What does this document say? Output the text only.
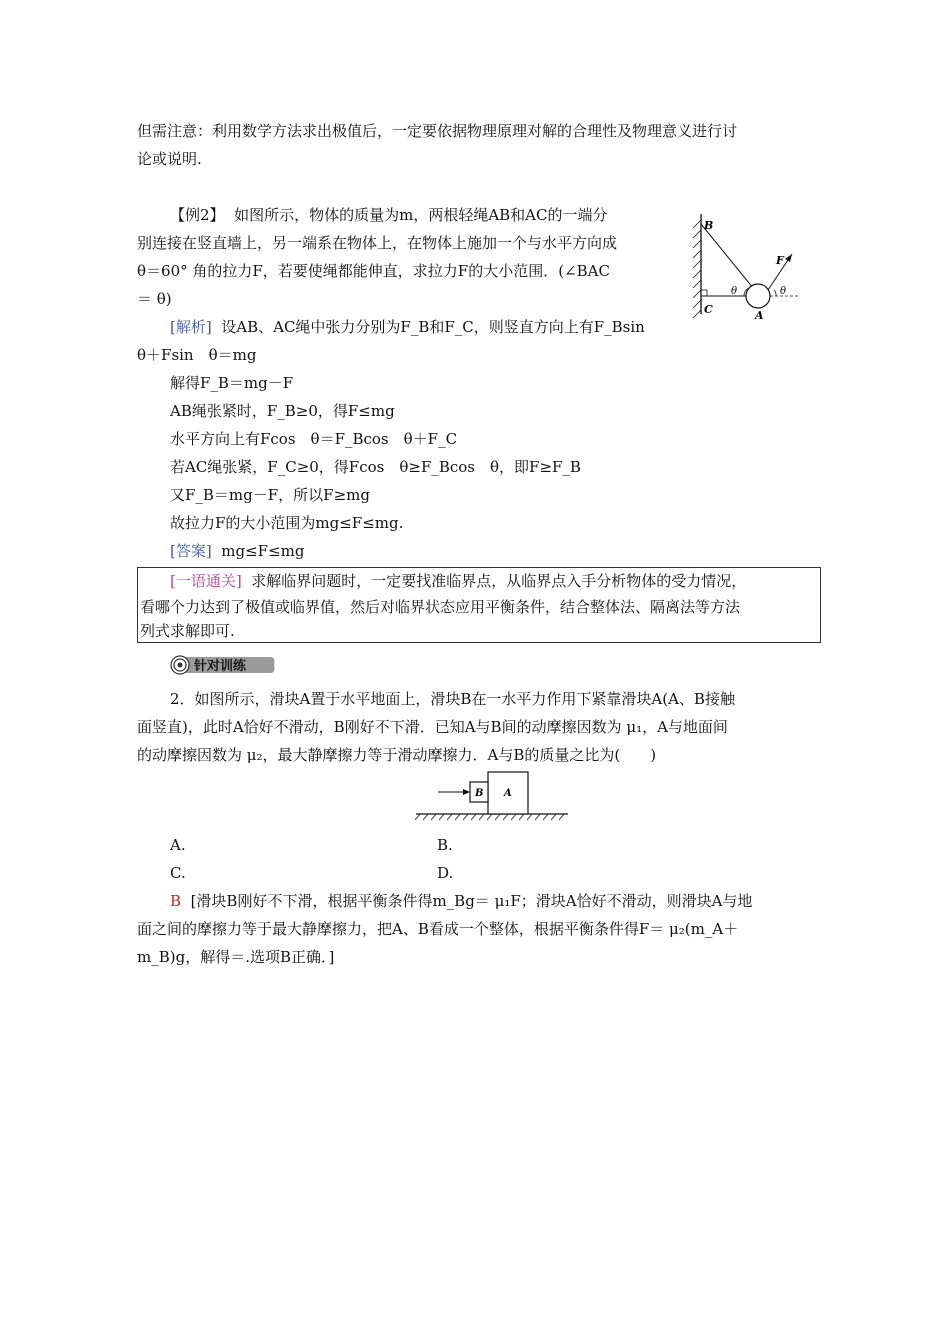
但需注意：利用数学方法求出极值后，一定要依据物理原理对解的合理性及物理意义进行讨
论或说明.
【例2】 如图所示，物体的质量为m，两根轻绳AB和AC的一端分
别连接在竖直墙上，另一端系在物体上，在物体上施加一个与水平方向成
θ＝60° 角的拉力F，若要使绳都能伸直，求拉力F的大小范围．(∠BAC
＝ θ)
B
F
θ	θ
C	A
[解析] 设AB、AC绳中张力分别为F_B和F_C，则竖直方向上有F_Bsin
θ＋Fsin　θ＝mg
解得F_B＝mg－F
AB绳张紧时，F_B≥0，得F≤mg
水平方向上有Fcos　θ＝F_Bcos　θ＋F_C
若AC绳张紧，F_C≥0，得Fcos　θ≥F_Bcos　θ，即F≥F_B
又F_B＝mg－F，所以F≥mg
故拉力F的大小范围为mg≤F≤mg.
[答案] mg≤F≤mg
[一语通关] 求解临界问题时，一定要找准临界点，从临界点入手分析物体的受力情况，
看哪个力达到了极值或临界值，然后对临界状态应用平衡条件，结合整体法、隔离法等方法
列式求解即可.
针对训练
2．如图所示，滑块A置于水平地面上，滑块B在一水平力作用下紧靠滑块A(A、B接触
面竖直)，此时A恰好不滑动，B刚好不下滑．已知A与B间的动摩擦因数为 μ₁，A与地面间
的动摩擦因数为 μ₂，最大静摩擦力等于滑动摩擦力．A与B的质量之比为(　　)
B A
A.	B.
C.	D.
B [滑块B刚好不下滑，根据平衡条件得m_Bg＝ μ₁F；滑块A恰好不滑动，则滑块A与地
面之间的摩擦力等于最大静摩擦力，把A、B看成一个整体，根据平衡条件得F＝ μ₂(m_A＋
m_B)g，解得＝.选项B正确．]
